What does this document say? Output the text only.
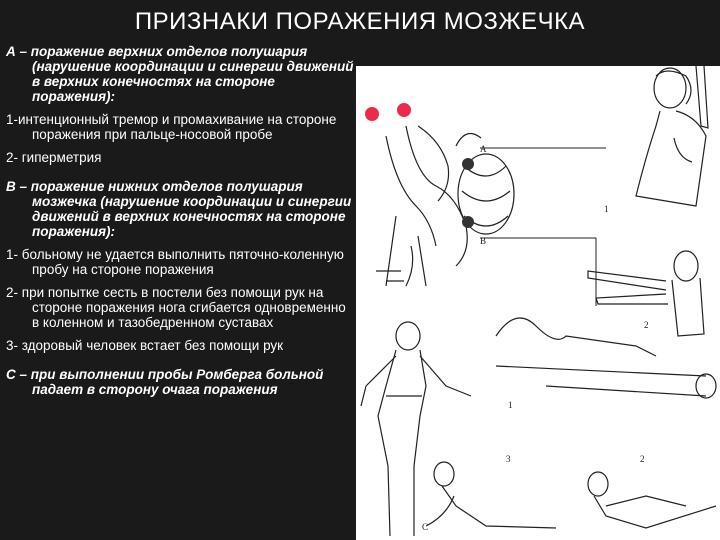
ПРИЗНАКИ ПОРАЖЕНИЯ МОЗЖЕЧКА

А – поражение верхних отделов полушария (нарушение координации и синергии движений в верхних конечностях на стороне поражения):

1-интенционный тремор и промахивание на стороне поражения при пальце-носовой пробе

2- гиперметрия

В – поражение нижних отделов полушария мозжечка (нарушение координации и синергии движений в верхних конечностях на стороне поражения):

1- больному не удается выполнить пяточно-коленную пробу на стороне поражения

2- при попытке сесть в постели без помощи рук на стороне поражения нога сгибается одновременно в коленном и тазобедренном суставах

3- здоровый человек встает без помощи рук

С – при выполнении пробы Ромберга больной падает в сторону очага поражения

A
B
1
2
C
1
3	2
